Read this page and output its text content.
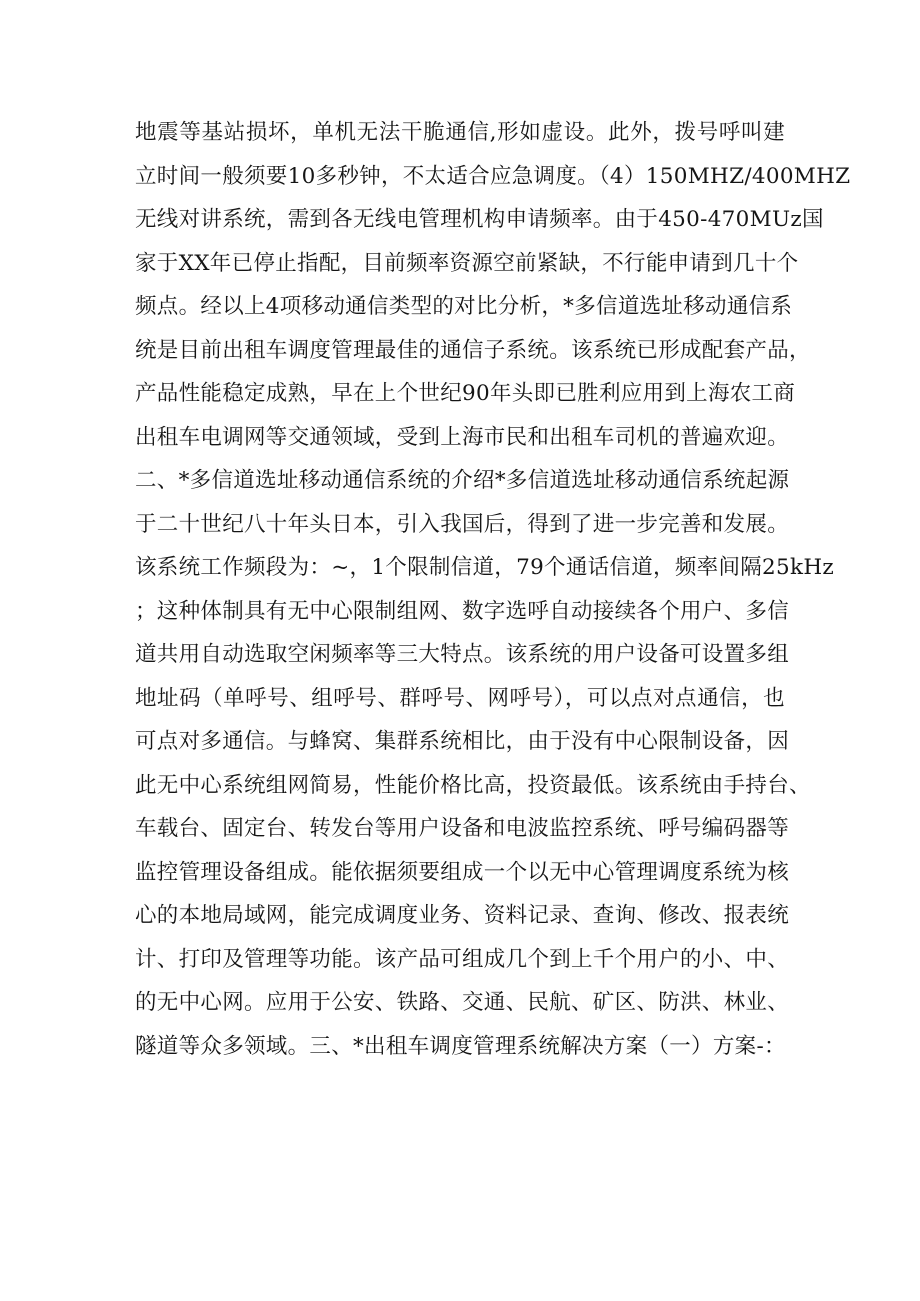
地震等基站损坏，单机无法干脆通信,形如虚设。此外，拨号呼叫建
立时间一般须要10多秒钟，不太适合应急调度。（4）150MHZ/400MHZ
无线对讲系统，需到各无线电管理机构申请频率。由于450-470MUz国
家于XX年已停止指配，目前频率资源空前紧缺，不行能申请到几十个
频点。经以上4项移动通信类型的对比分析，*多信道选址移动通信系
统是目前出租车调度管理最佳的通信子系统。该系统已形成配套产品，
产品性能稳定成熟，早在上个世纪90年头即已胜利应用到上海农工商
出租车电调网等交通领域，受到上海市民和出租车司机的普遍欢迎。
二、*多信道选址移动通信系统的介绍*多信道选址移动通信系统起源
于二十世纪八十年头日本，引入我国后，得到了进一步完善和发展。
该系统工作频段为：~，1个限制信道，79个通话信道，频率间隔25kHz
；这种体制具有无中心限制组网、数字选呼自动接续各个用户、多信
道共用自动选取空闲频率等三大特点。该系统的用户设备可设置多组
地址码（单呼号、组呼号、群呼号、网呼号），可以点对点通信，也
可点对多通信。与蜂窝、集群系统相比，由于没有中心限制设备，因
此无中心系统组网简易，性能价格比高，投资最低。该系统由手持台、
车载台、固定台、转发台等用户设备和电波监控系统、呼号编码器等
监控管理设备组成。能依据须要组成一个以无中心管理调度系统为核
心的本地局域网，能完成调度业务、资料记录、查询、修改、报表统
计、打印及管理等功能。该产品可组成几个到上千个用户的小、中、
的无中心网。应用于公安、铁路、交通、民航、矿区、防洪、林业、
隧道等众多领域。三、*出租车调度管理系统解决方案（一）方案-：
